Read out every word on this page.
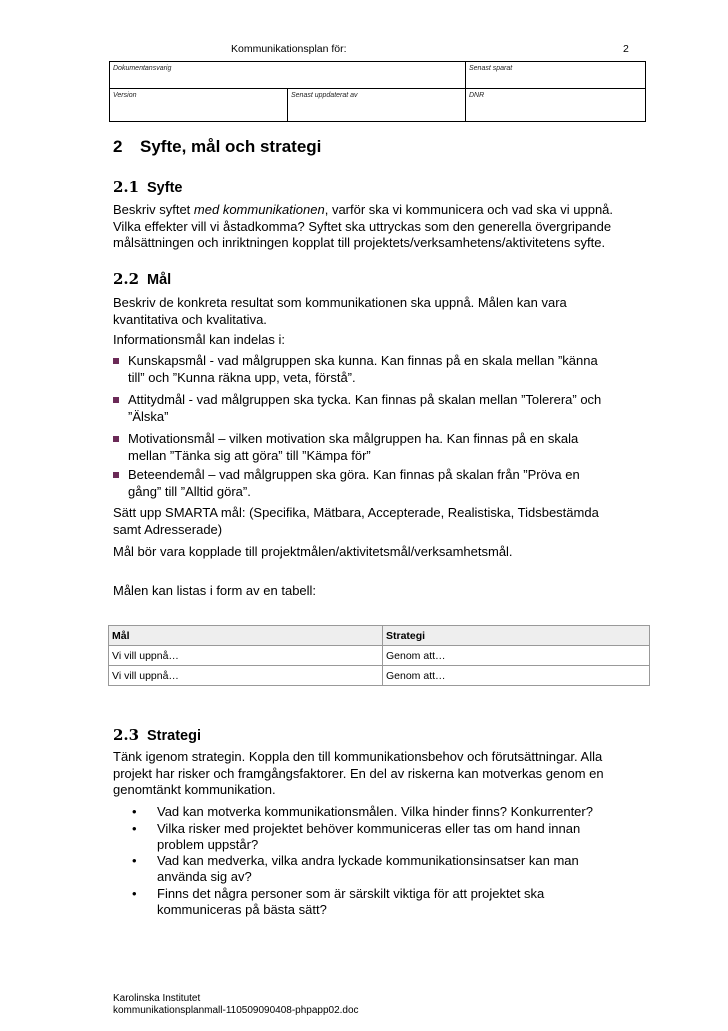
Kommunikationsplan för:	2
Dokumentansvarig	Senast sparat
Version	Senast uppdaterat av	DNR
2 Syfte, mål och strategi
2.1 Syfte
Beskriv syftet med kommunikationen, varför ska vi kommunicera och vad ska vi uppnå.
Vilka effekter vill vi åstadkomma? Syftet ska uttryckas som den generella övergripande
målsättningen och inriktningen kopplat till projektets/verksamhetens/aktivitetens syfte.
2.2 Mål
Beskriv de konkreta resultat som kommunikationen ska uppnå. Målen kan vara
kvantitativa och kvalitativa.
Informationsmål kan indelas i:
Kunskapsmål - vad målgruppen ska kunna. Kan finnas på en skala mellan ”känna
till” och ”Kunna räkna upp, veta, förstå”.
Attitydmål - vad målgruppen ska tycka. Kan finnas på skalan mellan ”Tolerera” och
”Älska”
Motivationsmål – vilken motivation ska målgruppen ha. Kan finnas på en skala
mellan ”Tänka sig att göra” till ”Kämpa för”
Beteendemål – vad målgruppen ska göra. Kan finnas på skalan från ”Pröva en
gång” till ”Alltid göra”.
Sätt upp SMARTA mål: (Specifika, Mätbara, Accepterade, Realistiska, Tidsbestämda
samt Adresserade)
Mål bör vara kopplade till projektmålen/aktivitetsmål/verksamhetsmål.
Målen kan listas i form av en tabell:
Mål	Strategi
Vi vill uppnå…	Genom att…
Vi vill uppnå…	Genom att…
2.3 Strategi
Tänk igenom strategin. Koppla den till kommunikationsbehov och förutsättningar. Alla
projekt har risker och framgångsfaktorer. En del av riskerna kan motverkas genom en
genomtänkt kommunikation.
• Vad kan motverka kommunikationsmålen. Vilka hinder finns? Konkurrenter?
• Vilka risker med projektet behöver kommuniceras eller tas om hand innan
problem uppstår?
• Vad kan medverka, vilka andra lyckade kommunikationsinsatser kan man
använda sig av?
• Finns det några personer som är särskilt viktiga för att projektet ska
kommuniceras på bästa sätt?
Karolinska Institutet
kommunikationsplanmall-110509090408-phpapp02.doc
